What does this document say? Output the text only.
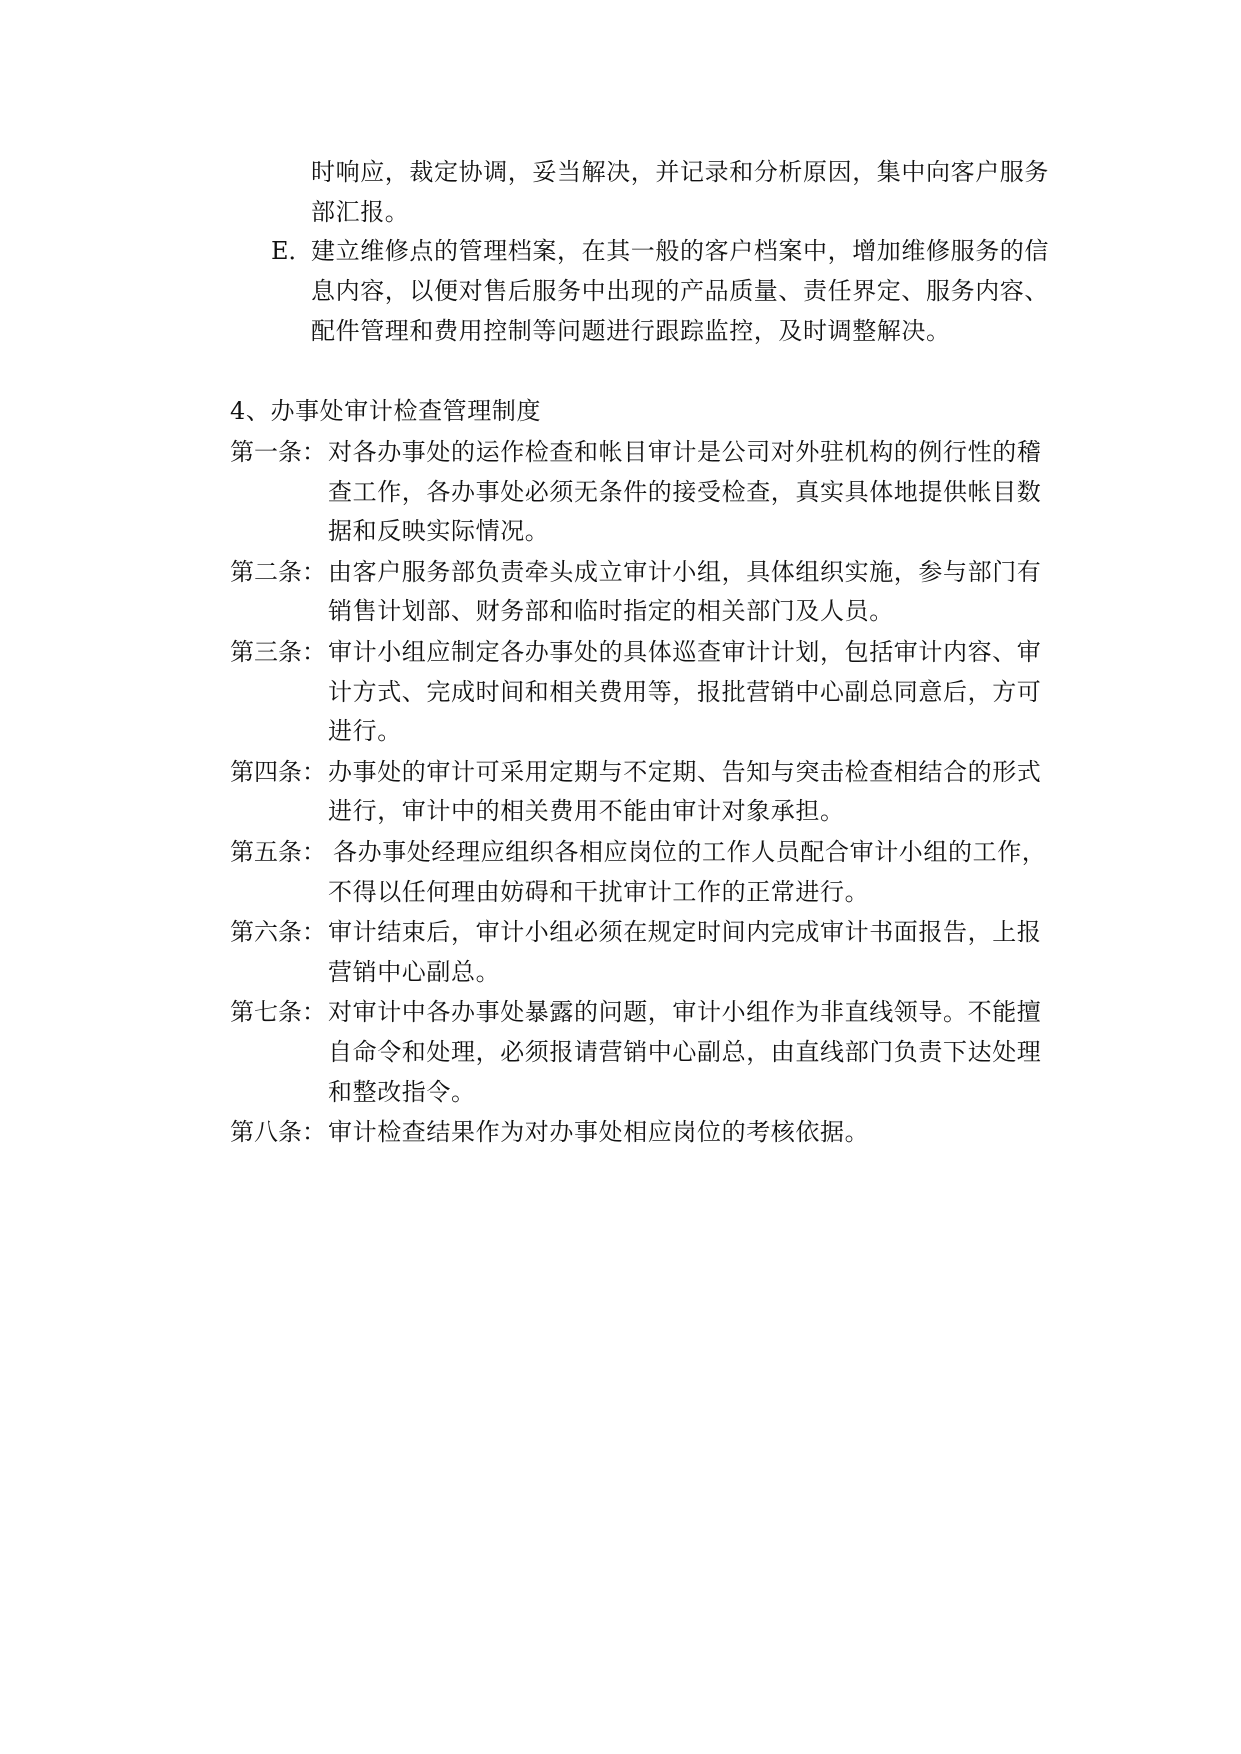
时响应，裁定协调，妥当解决，并记录和分析原因，集中向客户服务
部汇报。
E．
建立维修点的管理档案，在其一般的客户档案中，增加维修服务的信
息内容，以便对售后服务中出现的产品质量、责任界定、服务内容、
配件管理和费用控制等问题进行跟踪监控，及时调整解决。
4、办事处审计检查管理制度
第一条： 对各办事处的运作检查和帐目审计是公司对外驻机构的例行性的稽
查工作，各办事处必须无条件的接受检查，真实具体地提供帐目数
据和反映实际情况。
第二条： 由客户服务部负责牵头成立审计小组，具体组织实施，参与部门有
销售计划部、财务部和临时指定的相关部门及人员。
第三条： 审计小组应制定各办事处的具体巡查审计计划，包括审计内容、审
计方式、完成时间和相关费用等，报批营销中心副总同意后，方可
进行。
第四条： 办事处的审计可采用定期与不定期、告知与突击检查相结合的形式
进行，审计中的相关费用不能由审计对象承担。
第五条： 各办事处经理应组织各相应岗位的工作人员配合审计小组的工作，
不得以任何理由妨碍和干扰审计工作的正常进行。
第六条： 审计结束后，审计小组必须在规定时间内完成审计书面报告，上报
营销中心副总。
第七条： 对审计中各办事处暴露的问题，审计小组作为非直线领导。不能擅
自命令和处理，必须报请营销中心副总，由直线部门负责下达处理
和整改指令。
第八条： 审计检查结果作为对办事处相应岗位的考核依据。
